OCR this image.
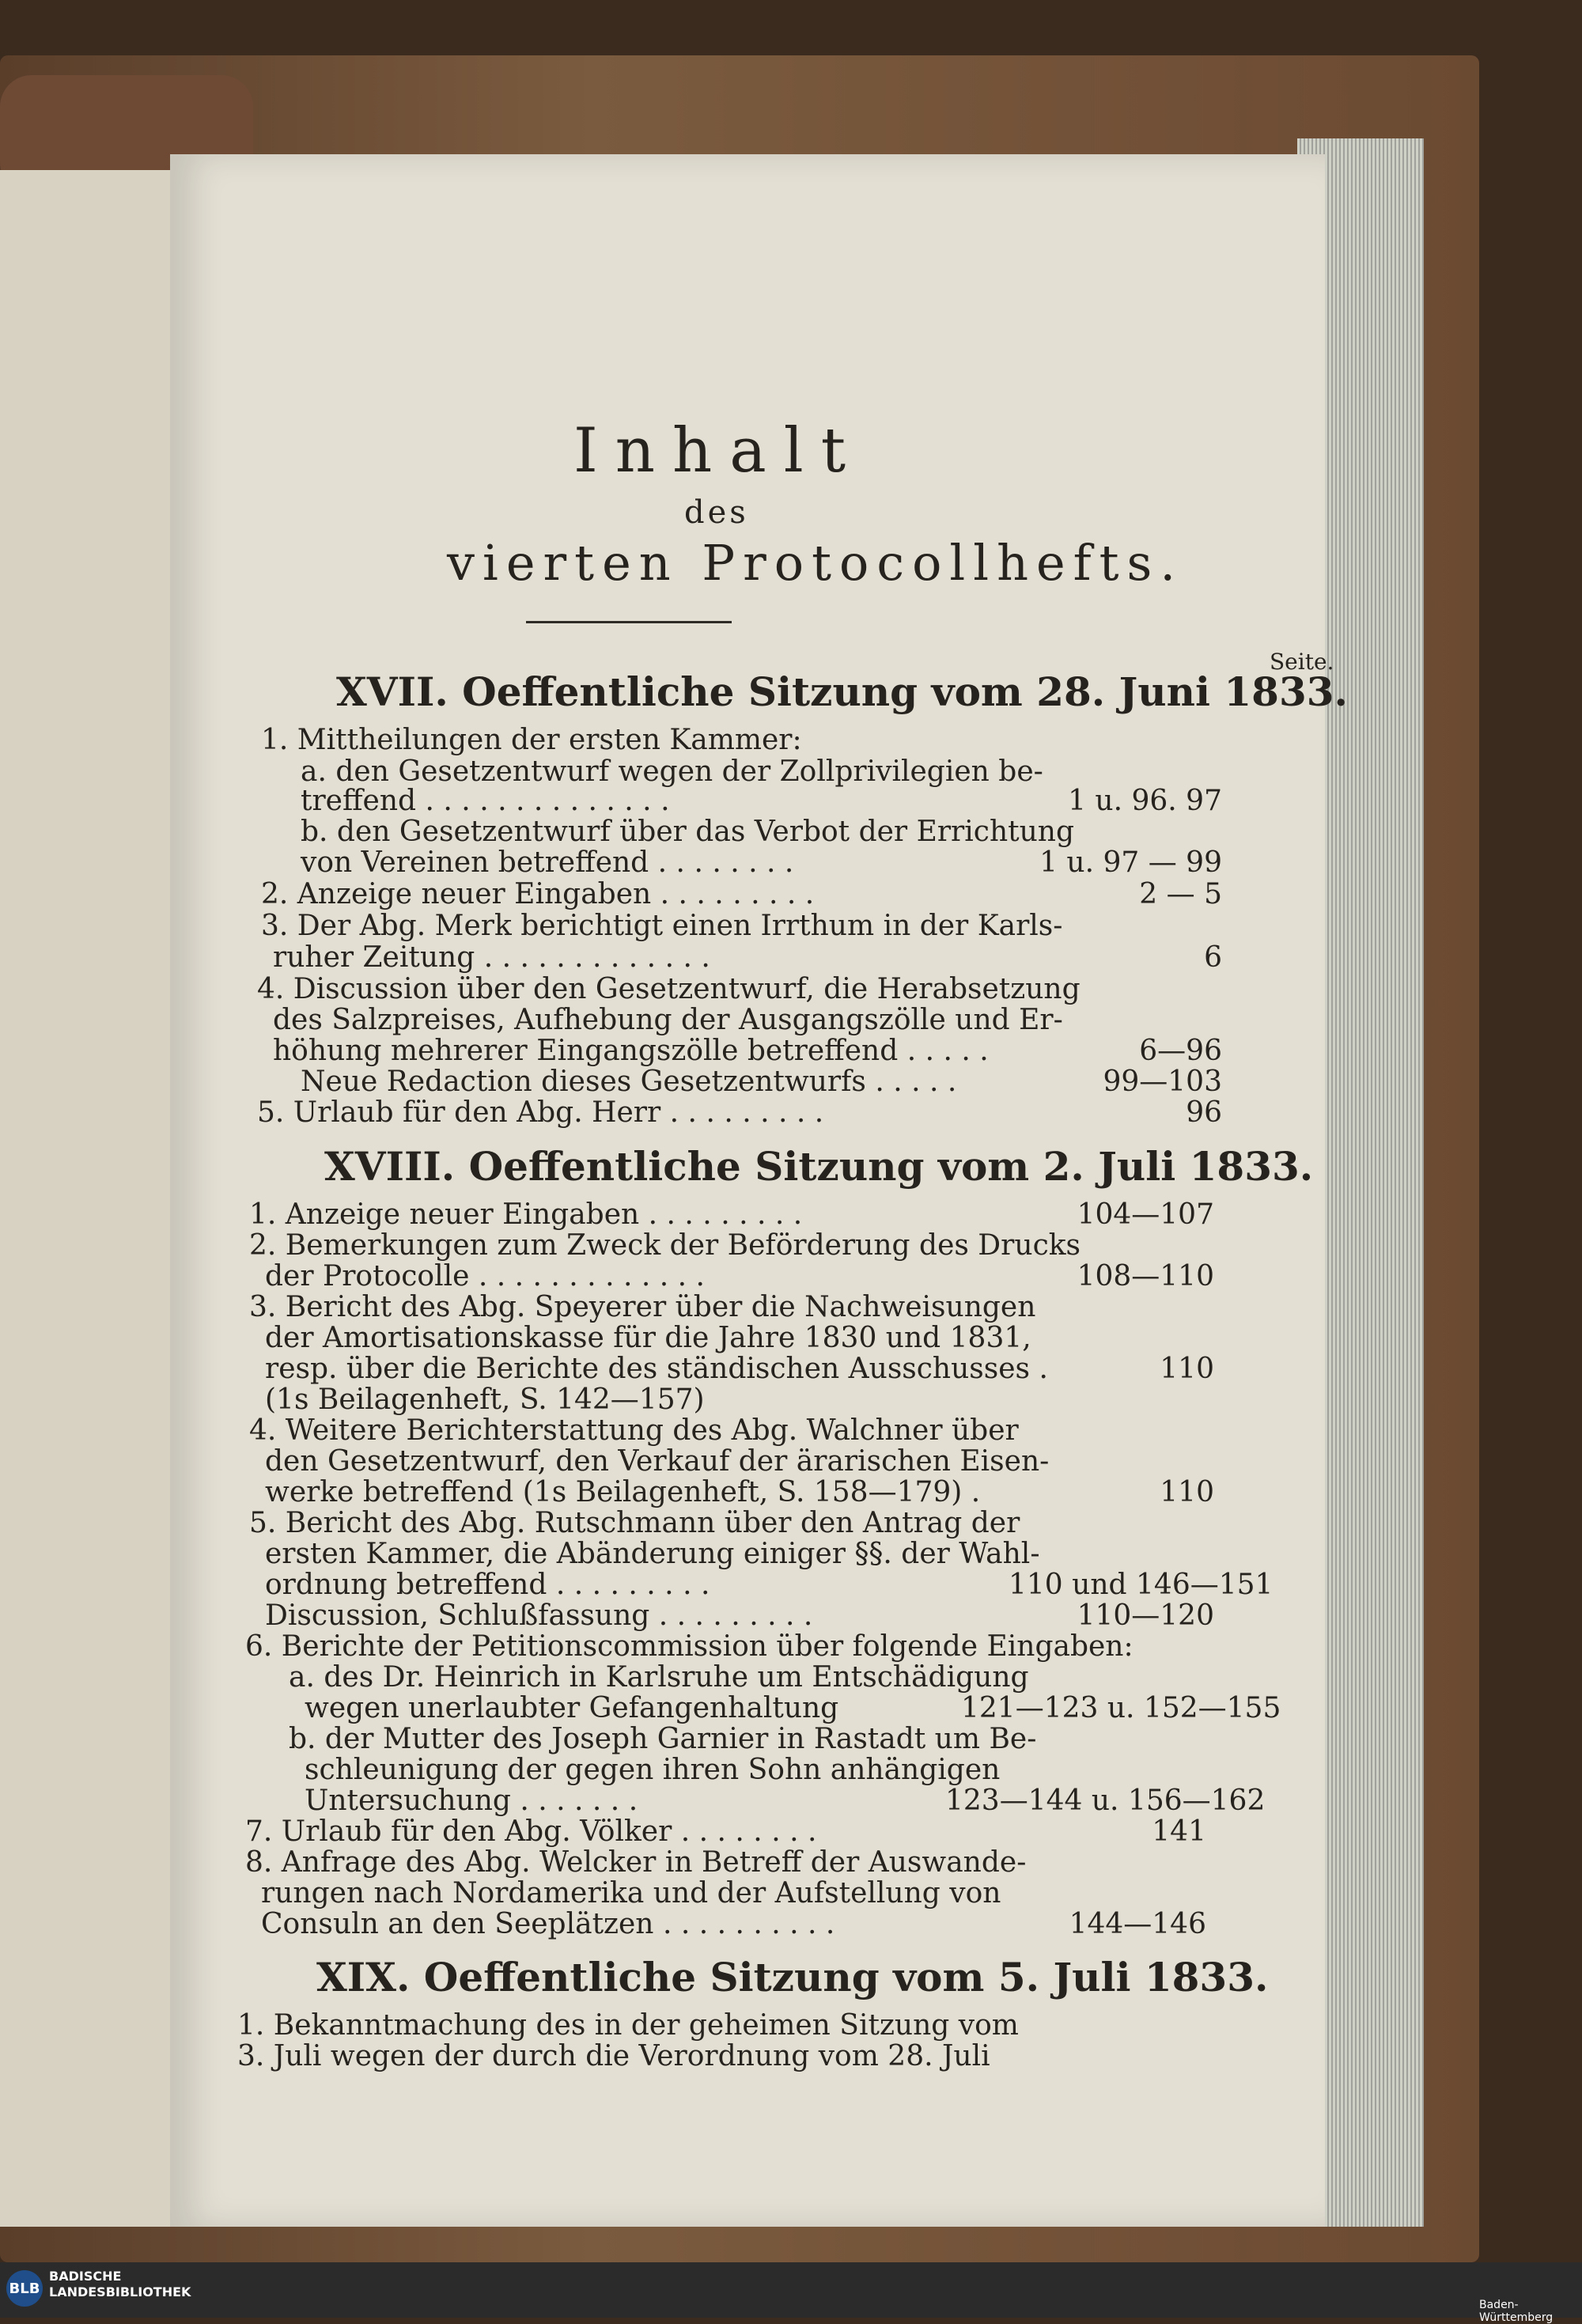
Inhalt
des
vierten Protocollhefts.
Seite.
XVII. Oeffentliche Sitzung vom 28. Juni 1833.
1. Mittheilungen der ersten Kammer:
a. den Gesetzentwurf wegen der Zollprivilegien be-
treffend . . . . . . . . . . . . . .	1 u. 96. 97
b. den Gesetzentwurf über das Verbot der Errichtung
von Vereinen betreffend . . . . . . . .	1 u. 97 — 99
2. Anzeige neuer Eingaben . . . . . . . . .	2 — 5
3. Der Abg. Merk berichtigt einen Irrthum in der Karls-
ruher Zeitung . . . . . . . . . . . . .	6
4. Discussion über den Gesetzentwurf, die Herabsetzung
des Salzpreises, Aufhebung der Ausgangszölle und Er-
höhung mehrerer Eingangszölle betreffend . . . . .	6—96
Neue Redaction dieses Gesetzentwurfs . . . . .	99—103
5. Urlaub für den Abg. Herr . . . . . . . . .	96
XVIII. Oeffentliche Sitzung vom 2. Juli 1833.
1. Anzeige neuer Eingaben . . . . . . . . .	104—107
2. Bemerkungen zum Zweck der Beförderung des Drucks
der Protocolle . . . . . . . . . . . . .	108—110
3. Bericht des Abg. Speyerer über die Nachweisungen
der Amortisationskasse für die Jahre 1830 und 1831,
resp. über die Berichte des ständischen Ausschusses .	110
(1s Beilagenheft, S. 142—157)
4. Weitere Berichterstattung des Abg. Walchner über
den Gesetzentwurf, den Verkauf der ärarischen Eisen-
werke betreffend (1s Beilagenheft, S. 158—179) .	110
5. Bericht des Abg. Rutschmann über den Antrag der
ersten Kammer, die Abänderung einiger §§. der Wahl-
ordnung betreffend . . . . . . . . .	110 und 146—151
Discussion, Schlußfassung . . . . . . . . .	110—120
6. Berichte der Petitionscommission über folgende Eingaben:
a. des Dr. Heinrich in Karlsruhe um Entschädigung
wegen unerlaubter Gefangenhaltung	121—123 u. 152—155
b. der Mutter des Joseph Garnier in Rastadt um Be-
schleunigung der gegen ihren Sohn anhängigen
Untersuchung . . . . . . .	123—144 u. 156—162
7. Urlaub für den Abg. Völker . . . . . . . .	141
8. Anfrage des Abg. Welcker in Betreff der Auswande-
rungen nach Nordamerika und der Aufstellung von
Consuln an den Seeplätzen . . . . . . . . . .	144—146
XIX. Oeffentliche Sitzung vom 5. Juli 1833.
1. Bekanntmachung des in der geheimen Sitzung vom
3. Juli wegen der durch die Verordnung vom 28. Juli
BLB
BADISCHE
LANDESBIBLIOTHEK
Baden-Württemberg
